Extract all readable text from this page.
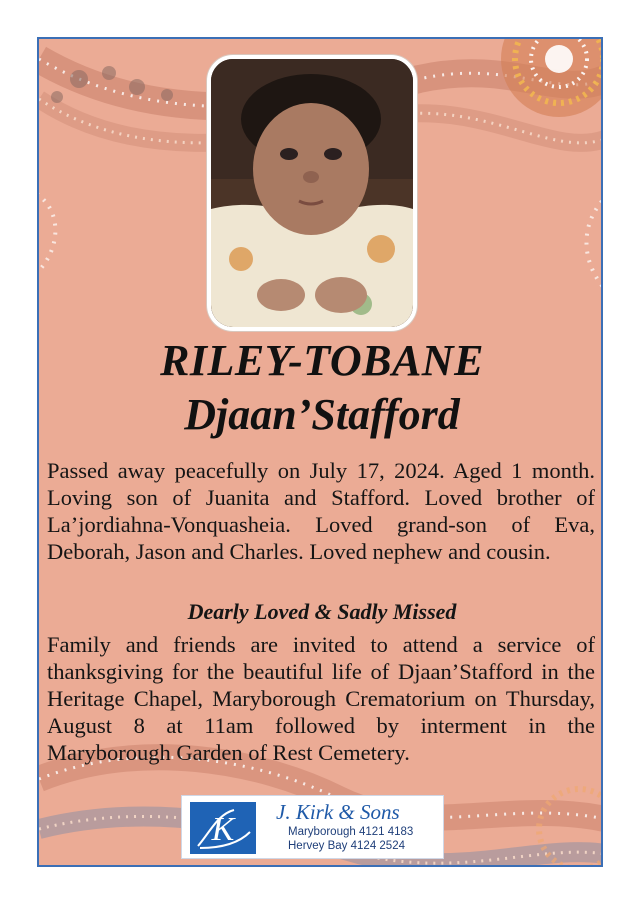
RILEY-TOBANE
Djaan’Stafford
Passed away peacefully on July 17, 2024. Aged 1 month. Loving son of Juanita and Stafford. Loved brother of La’jordiahna-Vonquasheia. Loved grand-son of Eva, Deborah, Jason and Charles. Loved nephew and cousin.
Dearly Loved & Sadly Missed
Family and friends are invited to attend a service of thanksgiving for the beautiful life of Djaan’Stafford in the Heritage Chapel, Maryborough Crematorium on Thursday, August 8 at 11am followed by interment in the Maryborough Garden of Rest Cemetery.
K J. Kirk & Sons
Maryborough 4121 4183
Hervey Bay 4124 2524
